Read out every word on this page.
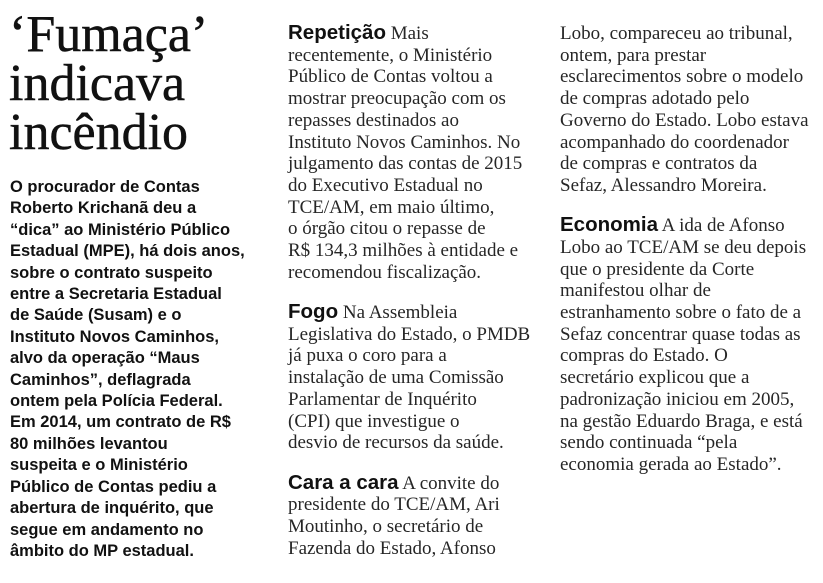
‘Fumaça’ indicava incêndio

O procurador de Contas
Roberto Krichanã deu a
“dica” ao Ministério Público
Estadual (MPE), há dois anos,
sobre o contrato suspeito
entre a Secretaria Estadual
de Saúde (Susam) e o
Instituto Novos Caminhos,
alvo da operação “Maus
Caminhos”, deflagrada
ontem pela Polícia Federal.
Em 2014, um contrato de R$
80 milhões levantou
suspeita e o Ministério
Público de Contas pediu a
abertura de inquérito, que
segue em andamento no
âmbito do MP estadual.

Repetição Mais
recentemente, o Ministério
Público de Contas voltou a
mostrar preocupação com os
repasses destinados ao
Instituto Novos Caminhos. No
julgamento das contas de 2015
do Executivo Estadual no
TCE/AM, em maio último,
o órgão citou o repasse de
R$ 134,3 milhões à entidade e
recomendou fiscalização.

Fogo Na Assembleia
Legislativa do Estado, o PMDB
já puxa o coro para a
instalação de uma Comissão
Parlamentar de Inquérito
(CPI) que investigue o
desvio de recursos da saúde.

Cara a cara A convite do
presidente do TCE/AM, Ari
Moutinho, o secretário de
Fazenda do Estado, Afonso

Lobo, compareceu ao tribunal,
ontem, para prestar
esclarecimentos sobre o modelo
de compras adotado pelo
Governo do Estado. Lobo estava
acompanhado do coordenador
de compras e contratos da
Sefaz, Alessandro Moreira.

Economia A ida de Afonso
Lobo ao TCE/AM se deu depois
que o presidente da Corte
manifestou olhar de
estranhamento sobre o fato de a
Sefaz concentrar quase todas as
compras do Estado. O
secretário explicou que a
padronização iniciou em 2005,
na gestão Eduardo Braga, e está
sendo continuada “pela
economia gerada ao Estado”.
